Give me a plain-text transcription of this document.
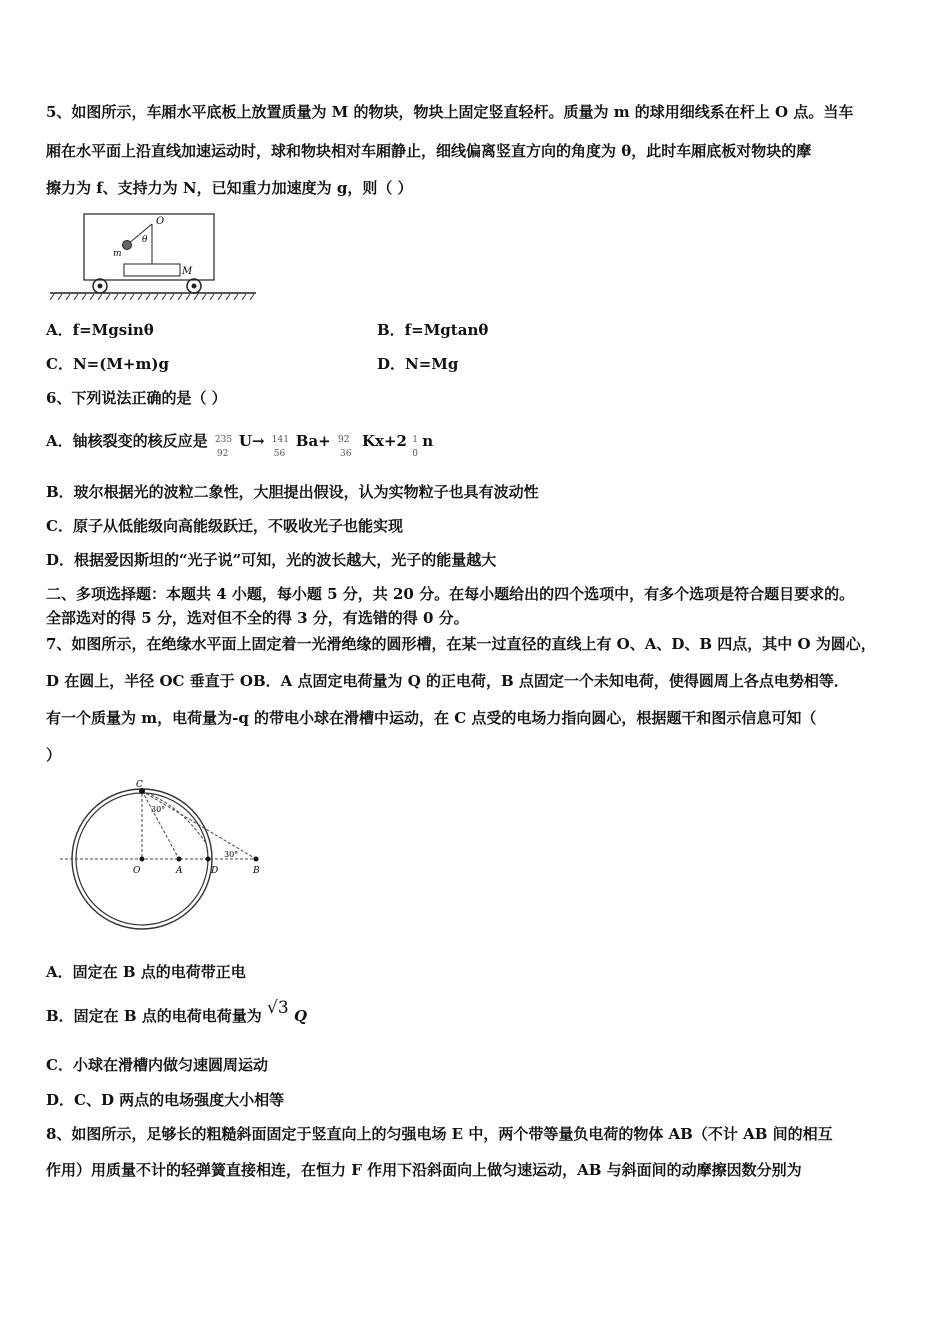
5、如图所示，车厢水平底板上放置质量为 M 的物块，物块上固定竖直轻杆。质量为 m 的球用细线系在杆上 O 点。当车
厢在水平面上沿直线加速运动时，球和物块相对车厢静止，细线偏离竖直方向的角度为 θ，此时车厢底板对物块的摩
擦力为 f、支持力为 N，已知重力加速度为 g，则（ ）
O
m
θ
M
A．f=Mgsinθ	B．f=Mgtanθ
C．N=(M+m)g	D．N=Mg
6、下列说法正确的是（ ）
A．铀核裂变的核反应是 235
92
U→ 141
56
Ba+ 92
36
Kx+2 1
0
n
B．玻尔根据光的波粒二象性，大胆提出假设，认为实物粒子也具有波动性
C．原子从低能级向高能级跃迁，不吸收光子也能实现
D．根据爱因斯坦的“光子说”可知，光的波长越大，光子的能量越大
二、多项选择题：本题共 4 小题，每小题 5 分，共 20 分。在每小题给出的四个选项中，有多个选项是符合题目要求的。
全部选对的得 5 分，选对但不全的得 3 分，有选错的得 0 分。
7、如图所示，在绝缘水平面上固定着一光滑绝缘的圆形槽，在某一过直径的直线上有 O、A、D、B 四点，其中 O 为圆心，
D 在圆上，半径 OC 垂直于 OB．A 点固定电荷量为 Q 的正电荷，B 点固定一个未知电荷，使得圆周上各点电势相等．
有一个质量为 m，电荷量为-q 的带电小球在滑槽中运动，在 C 点受的电场力指向圆心，根据题干和图示信息可知（
）
C
30°
30°
O	A	D	B
A．固定在 B 点的电荷带正电
B．固定在 B 点的电荷电荷量为 √3 Q
C．小球在滑槽内做匀速圆周运动
D．C、D 两点的电场强度大小相等
8、如图所示，足够长的粗糙斜面固定于竖直向上的匀强电场 E 中，两个带等量负电荷的物体 AB（不计 AB 间的相互
作用）用质量不计的轻弹簧直接相连，在恒力 F 作用下沿斜面向上做匀速运动，AB 与斜面间的动摩擦因数分别为
